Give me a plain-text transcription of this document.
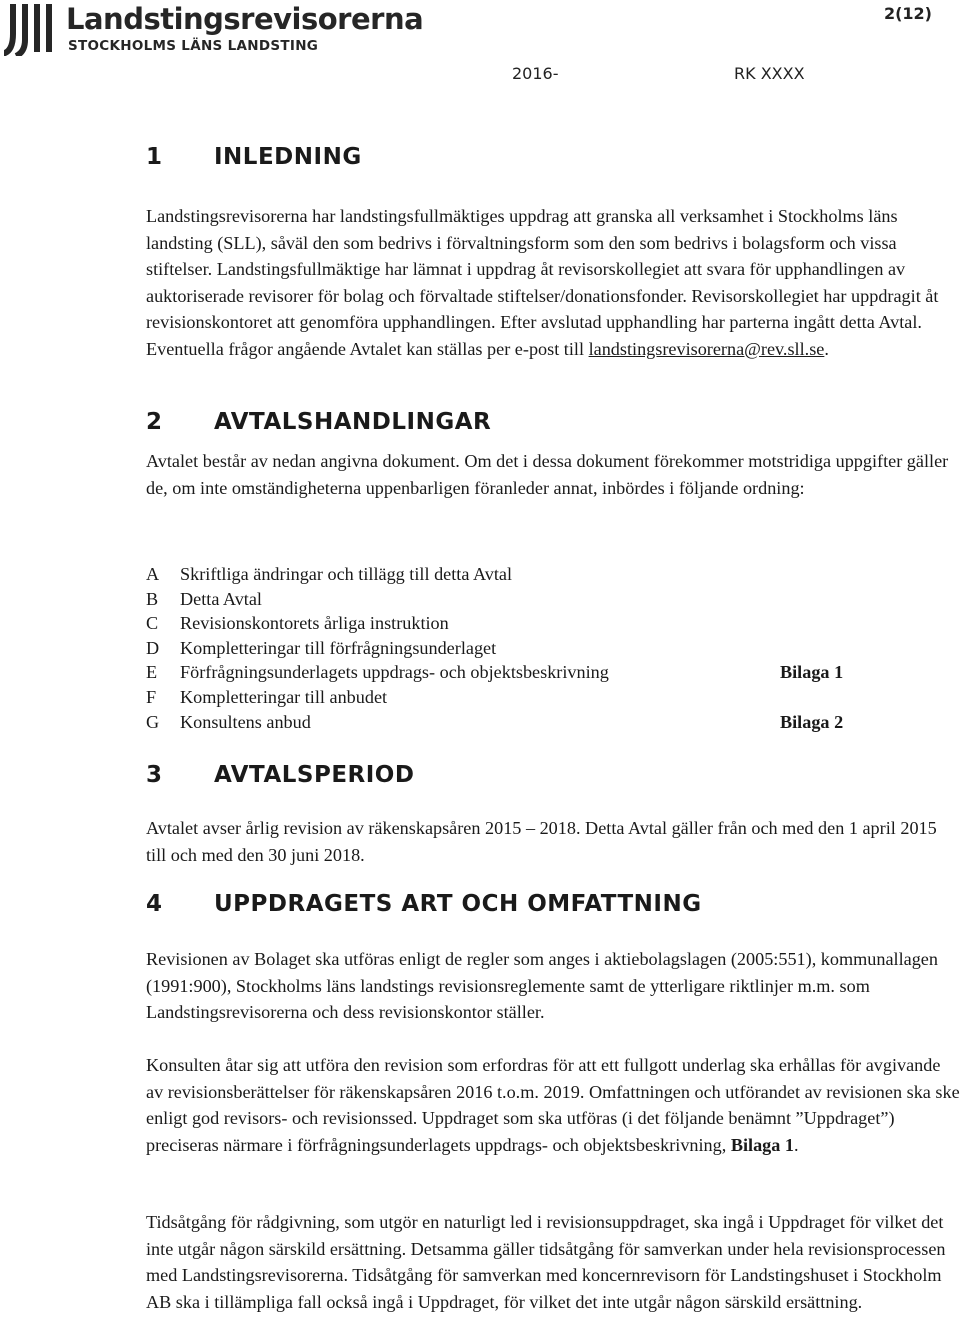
Landstingsrevisorerna
STOCKHOLMS LÄNS LANDSTING
2(12)
2016-	RK XXXX
1 INLEDNING

Landstingsrevisorerna har landstingsfullmäktiges uppdrag att granska all verksamhet i Stockholms läns landsting (SLL), såväl den som bedrivs i förvaltningsform som den som bedrivs i bolagsform och vissa stiftelser. Landstingsfullmäktige har lämnat i uppdrag åt revisorskollegiet att svara för upphandlingen av auktoriserade revisorer för bolag och förvaltade stiftelser/donationsfonder. Revisorskollegiet har uppdragit åt revisionskontoret att genomföra upphandlingen. Efter avslutad upphandling har parterna ingått detta Avtal. Eventuella frågor angående Avtalet kan ställas per e-post till landstingsrevisorerna@rev.sll.se.

2 AVTALSHANDLINGAR

Avtalet består av nedan angivna dokument. Om det i dessa dokument förekommer motstridiga uppgifter gäller de, om inte omständigheterna uppenbarligen föranleder annat, inbördes i följande ordning:

A Skriftliga ändringar och tillägg till detta Avtal
B Detta Avtal
C Revisionskontorets årliga instruktion
D Kompletteringar till förfrågningsunderlaget
E Förfrågningsunderlagets uppdrags- och objektsbeskrivning	Bilaga 1
F Kompletteringar till anbudet
G Konsultens anbud	Bilaga 2
3 AVTALSPERIOD

Avtalet avser årlig revision av räkenskapsåren 2015 – 2018. Detta Avtal gäller från och med den 1 april 2015 till och med den 30 juni 2018.

4 UPPDRAGETS ART OCH OMFATTNING

Revisionen av Bolaget ska utföras enligt de regler som anges i aktiebolagslagen (2005:551), kommunallagen (1991:900), Stockholms läns landstings revisionsreglemente samt de ytterligare riktlinjer m.m. som Landstingsrevisorerna och dess revisionskontor ställer.

Konsulten åtar sig att utföra den revision som erfordras för att ett fullgott underlag ska erhållas för avgivande av revisionsberättelser för räkenskapsåren 2016 t.o.m. 2019. Omfattningen och utförandet av revisionen ska ske enligt god revisors- och revisionssed. Uppdraget som ska utföras (i det följande benämnt ”Uppdraget”) preciseras närmare i förfrågningsunderlagets uppdrags- och objektsbeskrivning, Bilaga 1.

Tidsåtgång för rådgivning, som utgör en naturligt led i revisionsuppdraget, ska ingå i Uppdraget för vilket det inte utgår någon särskild ersättning. Detsamma gäller tidsåtgång för samverkan under hela revisionsprocessen med Landstingsrevisorerna. Tidsåtgång för samverkan med koncernrevisorn för Landstingshuset i Stockholm AB ska i tillämpliga fall också ingå i Uppdraget, för vilket det inte utgår någon särskild ersättning.
